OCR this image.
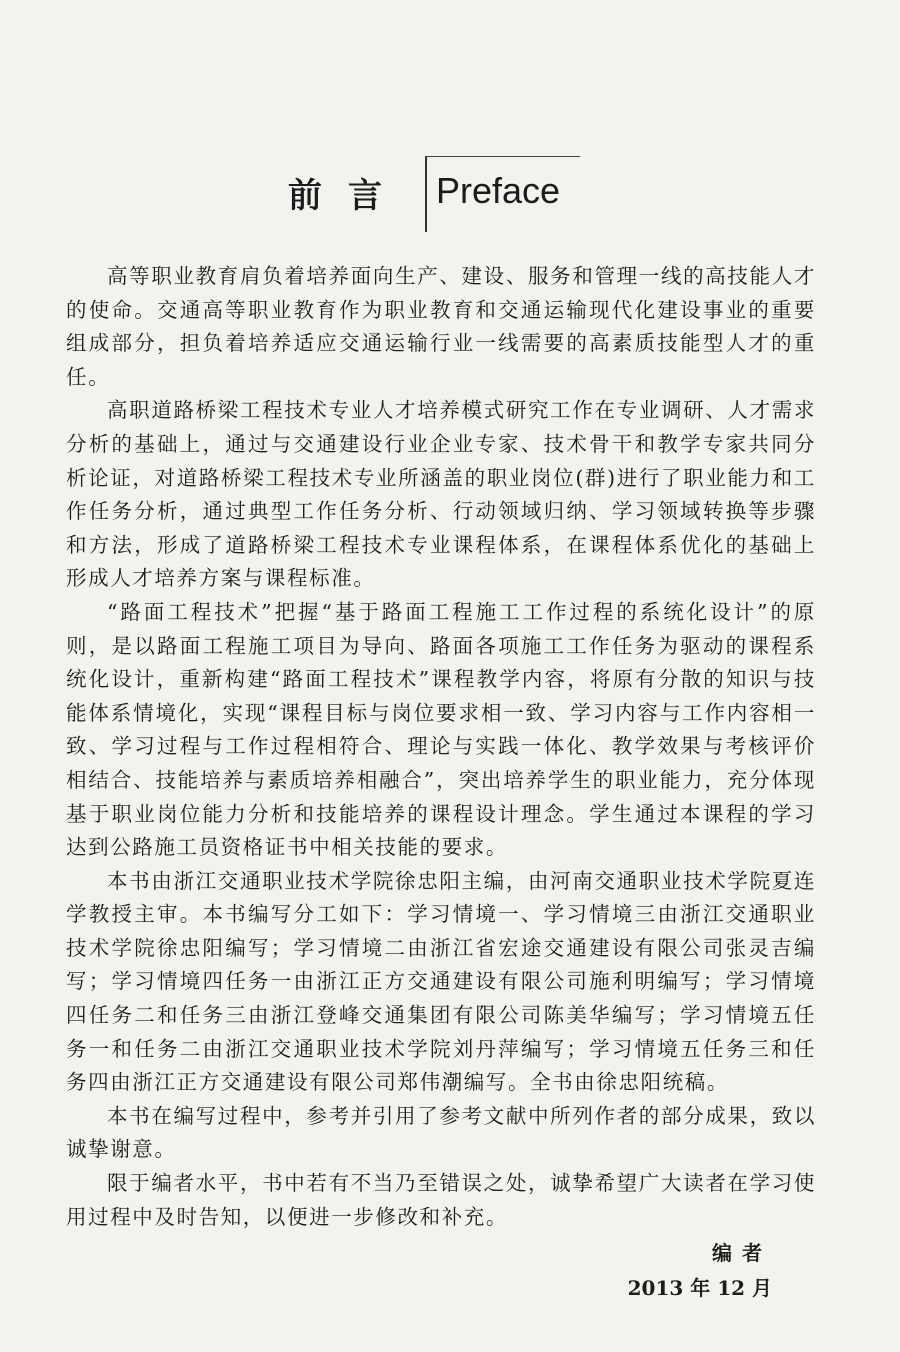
前言 Preface

高等职业教育肩负着培养面向生产、建设、服务和管理一线的高技能人才的使命。交通高等职业教育作为职业教育和交通运输现代化建设事业的重要组成部分，担负着培养适应交通运输行业一线需要的高素质技能型人才的重任。

高职道路桥梁工程技术专业人才培养模式研究工作在专业调研、人才需求分析的基础上，通过与交通建设行业企业专家、技术骨干和教学专家共同分析论证，对道路桥梁工程技术专业所涵盖的职业岗位(群)进行了职业能力和工作任务分析，通过典型工作任务分析、行动领域归纳、学习领域转换等步骤和方法，形成了道路桥梁工程技术专业课程体系，在课程体系优化的基础上形成人才培养方案与课程标准。

“路面工程技术”把握“基于路面工程施工工作过程的系统化设计”的原则，是以路面工程施工项目为导向、路面各项施工工作任务为驱动的课程系统化设计，重新构建“路面工程技术”课程教学内容，将原有分散的知识与技能体系情境化，实现“课程目标与岗位要求相一致、学习内容与工作内容相一致、学习过程与工作过程相符合、理论与实践一体化、教学效果与考核评价相结合、技能培养与素质培养相融合”，突出培养学生的职业能力，充分体现基于职业岗位能力分析和技能培养的课程设计理念。学生通过本课程的学习达到公路施工员资格证书中相关技能的要求。

本书由浙江交通职业技术学院徐忠阳主编，由河南交通职业技术学院夏连学教授主审。本书编写分工如下：学习情境一、学习情境三由浙江交通职业技术学院徐忠阳编写；学习情境二由浙江省宏途交通建设有限公司张灵吉编写；学习情境四任务一由浙江正方交通建设有限公司施利明编写；学习情境四任务二和任务三由浙江登峰交通集团有限公司陈美华编写；学习情境五任务一和任务二由浙江交通职业技术学院刘丹萍编写；学习情境五任务三和任务四由浙江正方交通建设有限公司郑伟潮编写。全书由徐忠阳统稿。

本书在编写过程中，参考并引用了参考文献中所列作者的部分成果，致以诚挚谢意。

限于编者水平，书中若有不当乃至错误之处，诚挚希望广大读者在学习使用过程中及时告知，以便进一步修改和补充。

编者
2013 年 12 月
